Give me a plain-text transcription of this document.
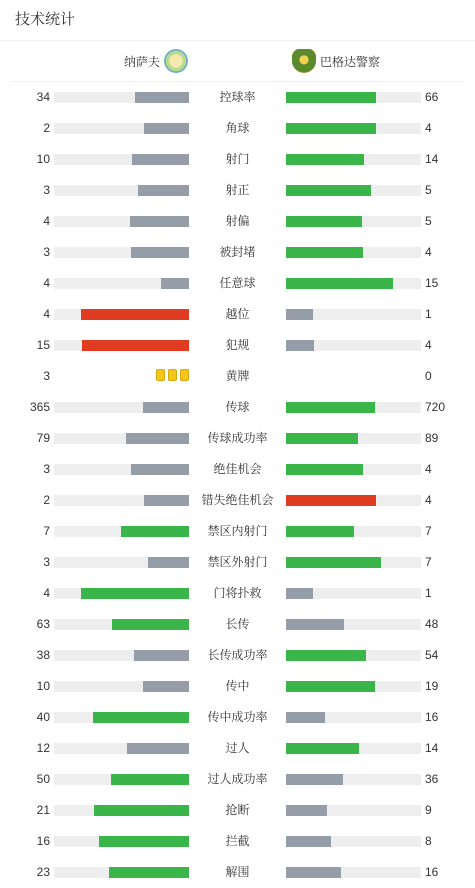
技术统计
纳萨夫	巴格达警察
34	控球率	66
2	角球	4
10	射门	14
3	射正	5
4	射偏	5
3	被封堵	4
4	任意球	15
4	越位	1
15	犯规	4
3	黄牌	0
365	传球	720
79	传球成功率	89
3	绝佳机会	4
2	错失绝佳机会	4
7	禁区内射门	7
3	禁区外射门	7
4	门将扑救	1
63	长传	48
38	长传成功率	54
10	传中	19
40	传中成功率	16
12	过人	14
50	过人成功率	36
21	抢断	9
16	拦截	8
23	解围	16
